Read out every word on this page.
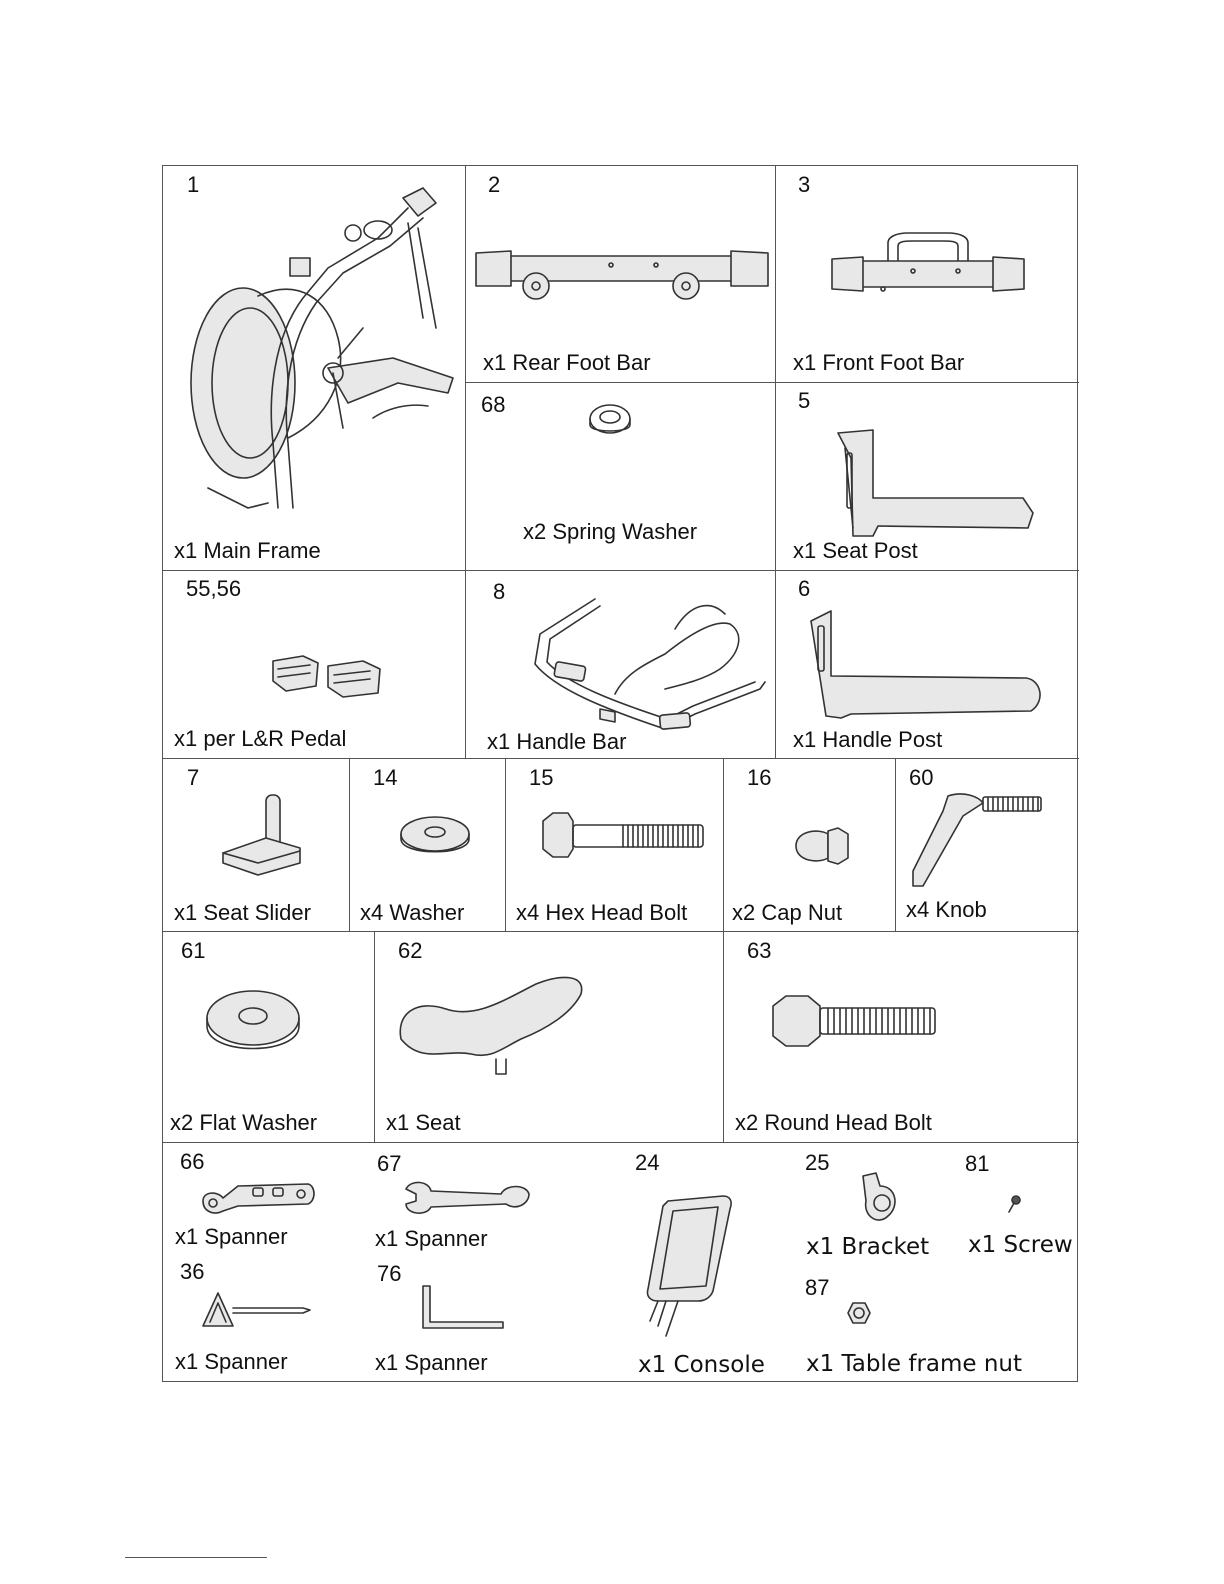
1
x1 Main Frame
2
x1 Rear Foot Bar
3
x1 Front Foot Bar
68
x2 Spring Washer
5
x1 Seat Post
55,56
x1 per L&R Pedal
8
x1 Handle Bar
6
x1 Handle Post
7
x1 Seat Slider
14
x4 Washer
15
x4 Hex Head Bolt
16
x2 Cap Nut
60
x4 Knob
61
x2 Flat Washer
62
x1 Seat
63
x2 Round Head Bolt
66
x1 Spanner
67
x1 Spanner
36
x1 Spanner
76
x1 Spanner
24
x1 Console
25
x1 Bracket
81
x1 Screw
87
x1 Table frame nut
